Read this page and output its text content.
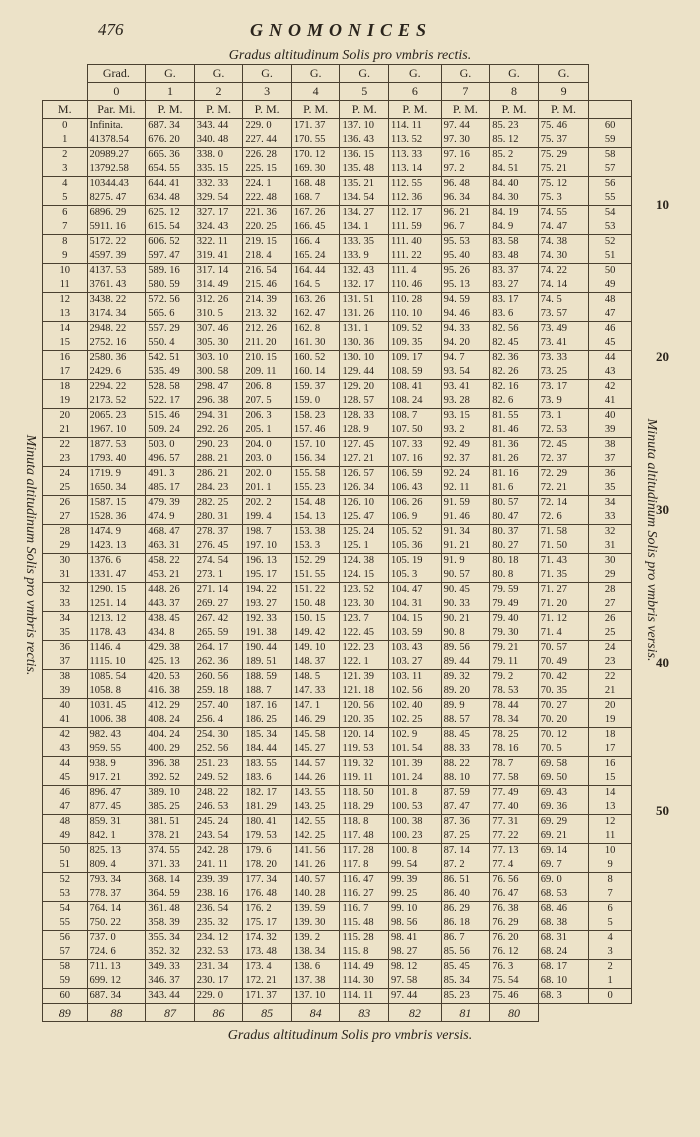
476	GNOMONICES
Gradus altitudinum Solis pro vmbris rectis.
Minuta altitudinum Solis pro vmbris rectis.	Minuta altitudinum Solis pro vmbris versis.
10
20
30
40
50
	Grad.	G.	G.	G.	G.	G.	G.	G.	G.	G.	
	0	1	2	3	4	5	6	7	8	9	
M.	Par. Mi.	P. M.	P. M.	P. M.	P. M.	P. M.	P. M.	P. M.	P. M.	P. M.	
0	Infinita.	687. 34	343. 44	229. 0	171. 37	137. 10	114. 11	97. 44	85. 23	75. 46	60
1	41378.54	676. 20	340. 48	227. 44	170. 55	136. 43	113. 52	97. 30	85. 12	75. 37	59
2	20989.27	665. 36	338. 0	226. 28	170. 12	136. 15	113. 33	97. 16	85. 2	75. 29	58
3	13792.58	654. 55	335. 15	225. 15	169. 30	135. 48	113. 14	97. 2	84. 51	75. 21	57
4	10344.43	644. 41	332. 33	224. 1	168. 48	135. 21	112. 55	96. 48	84. 40	75. 12	56
5	8275. 47	634. 48	329. 54	222. 48	168. 7	134. 54	112. 36	96. 34	84. 30	75. 3	55
6	6896. 29	625. 12	327. 17	221. 36	167. 26	134. 27	112. 17	96. 21	84. 19	74. 55	54
7	5911. 16	615. 54	324. 43	220. 25	166. 45	134. 1	111. 59	96. 7	84. 9	74. 47	53
8	5172. 22	606. 52	322. 11	219. 15	166. 4	133. 35	111. 40	95. 53	83. 58	74. 38	52
9	4597. 39	597. 47	319. 41	218. 4	165. 24	133. 9	111. 22	95. 40	83. 48	74. 30	51
10	4137. 53	589. 16	317. 14	216. 54	164. 44	132. 43	111. 4	95. 26	83. 37	74. 22	50
11	3761. 43	580. 59	314. 49	215. 46	164. 5	132. 17	110. 46	95. 13	83. 27	74. 14	49
12	3438. 22	572. 56	312. 26	214. 39	163. 26	131. 51	110. 28	94. 59	83. 17	74. 5	48
13	3174. 34	565. 6	310. 5	213. 32	162. 47	131. 26	110. 10	94. 46	83. 6	73. 57	47
14	2948. 22	557. 29	307. 46	212. 26	162. 8	131. 1	109. 52	94. 33	82. 56	73. 49	46
15	2752. 16	550. 4	305. 30	211. 20	161. 30	130. 36	109. 35	94. 20	82. 45	73. 41	45
16	2580. 36	542. 51	303. 10	210. 15	160. 52	130. 10	109. 17	94. 7	82. 36	73. 33	44
17	2429. 6	535. 49	300. 58	209. 11	160. 14	129. 44	108. 59	93. 54	82. 26	73. 25	43
18	2294. 22	528. 58	298. 47	206. 8	159. 37	129. 20	108. 41	93. 41	82. 16	73. 17	42
19	2173. 52	522. 17	296. 38	207. 5	159. 0	128. 57	108. 24	93. 28	82. 6	73. 9	41
20	2065. 23	515. 46	294. 31	206. 3	158. 23	128. 33	108. 7	93. 15	81. 55	73. 1	40
21	1967. 10	509. 24	292. 26	205. 1	157. 46	128. 9	107. 50	93. 2	81. 46	72. 53	39
22	1877. 53	503. 0	290. 23	204. 0	157. 10	127. 45	107. 33	92. 49	81. 36	72. 45	38
23	1793. 40	496. 57	288. 21	203. 0	156. 34	127. 21	107. 16	92. 37	81. 26	72. 37	37
24	1719. 9	491. 3	286. 21	202. 0	155. 58	126. 57	106. 59	92. 24	81. 16	72. 29	36
25	1650. 34	485. 17	284. 23	201. 1	155. 23	126. 34	106. 43	92. 11	81. 6	72. 21	35
26	1587. 15	479. 39	282. 25	202. 2	154. 48	126. 10	106. 26	91. 59	80. 57	72. 14	34
27	1528. 36	474. 9	280. 31	199. 4	154. 13	125. 47	106. 9	91. 46	80. 47	72. 6	33
28	1474. 9	468. 47	278. 37	198. 7	153. 38	125. 24	105. 52	91. 34	80. 37	71. 58	32
29	1423. 13	463. 31	276. 45	197. 10	153. 3	125. 1	105. 36	91. 21	80. 27	71. 50	31
30	1376. 6	458. 22	274. 54	196. 13	152. 29	124. 38	105. 19	91. 9	80. 18	71. 43	30
31	1331. 47	453. 21	273. 1	195. 17	151. 55	124. 15	105. 3	90. 57	80. 8	71. 35	29
32	1290. 15	448. 26	271. 14	194. 22	151. 22	123. 52	104. 47	90. 45	79. 59	71. 27	28
33	1251. 14	443. 37	269. 27	193. 27	150. 48	123. 30	104. 31	90. 33	79. 49	71. 20	27
34	1213. 12	438. 45	267. 42	192. 33	150. 15	123. 7	104. 15	90. 21	79. 40	71. 12	26
35	1178. 43	434. 8	265. 59	191. 38	149. 42	122. 45	103. 59	90. 8	79. 30	71. 4	25
36	1146. 4	429. 38	264. 17	190. 44	149. 10	122. 23	103. 43	89. 56	79. 21	70. 57	24
37	1115. 10	425. 13	262. 36	189. 51	148. 37	122. 1	103. 27	89. 44	79. 11	70. 49	23
38	1085. 54	420. 53	260. 56	188. 59	148. 5	121. 39	103. 11	89. 32	79. 2	70. 42	22
39	1058. 8	416. 38	259. 18	188. 7	147. 33	121. 18	102. 56	89. 20	78. 53	70. 35	21
40	1031. 45	412. 29	257. 40	187. 16	147. 1	120. 56	102. 40	89. 9	78. 44	70. 27	20
41	1006. 38	408. 24	256. 4	186. 25	146. 29	120. 35	102. 25	88. 57	78. 34	70. 20	19
42	982. 43	404. 24	254. 30	185. 34	145. 58	120. 14	102. 9	88. 45	78. 25	70. 12	18
43	959. 55	400. 29	252. 56	184. 44	145. 27	119. 53	101. 54	88. 33	78. 16	70. 5	17
44	938. 9	396. 38	251. 23	183. 55	144. 57	119. 32	101. 39	88. 22	78. 7	69. 58	16
45	917. 21	392. 52	249. 52	183. 6	144. 26	119. 11	101. 24	88. 10	77. 58	69. 50	15
46	896. 47	389. 10	248. 22	182. 17	143. 55	118. 50	101. 8	87. 59	77. 49	69. 43	14
47	877. 45	385. 25	246. 53	181. 29	143. 25	118. 29	100. 53	87. 47	77. 40	69. 36	13
48	859. 31	381. 51	245. 24	180. 41	142. 55	118. 8	100. 38	87. 36	77. 31	69. 29	12
49	842. 1	378. 21	243. 54	179. 53	142. 25	117. 48	100. 23	87. 25	77. 22	69. 21	11
50	825. 13	374. 55	242. 28	179. 6	141. 56	117. 28	100. 8	87. 14	77. 13	69. 14	10
51	809. 4	371. 33	241. 11	178. 20	141. 26	117. 8	99. 54	87. 2	77. 4	69. 7	9
52	793. 34	368. 14	239. 39	177. 34	140. 57	116. 47	99. 39	86. 51	76. 56	69. 0	8
53	778. 37	364. 59	238. 16	176. 48	140. 28	116. 27	99. 25	86. 40	76. 47	68. 53	7
54	764. 14	361. 48	236. 54	176. 2	139. 59	116. 7	99. 10	86. 29	76. 38	68. 46	6
55	750. 22	358. 39	235. 32	175. 17	139. 30	115. 48	98. 56	86. 18	76. 29	68. 38	5
56	737. 0	355. 34	234. 12	174. 32	139. 2	115. 28	98. 41	86. 7	76. 20	68. 31	4
57	724. 6	352. 32	232. 53	173. 48	138. 34	115. 8	98. 27	85. 56	76. 12	68. 24	3
58	711. 13	349. 33	231. 34	173. 4	138. 6	114. 49	98. 12	85. 45	76. 3	68. 17	2
59	699. 12	346. 37	230. 17	172. 21	137. 38	114. 30	97. 58	85. 34	75. 54	68. 10	1
60	687. 34	343. 44	229. 0	171. 37	137. 10	114. 11	97. 44	85. 23	75. 46	68. 3	0
89	88	87	86	85	84	83	82	81	80		
Gradus altitudinum Solis pro vmbris versis.
